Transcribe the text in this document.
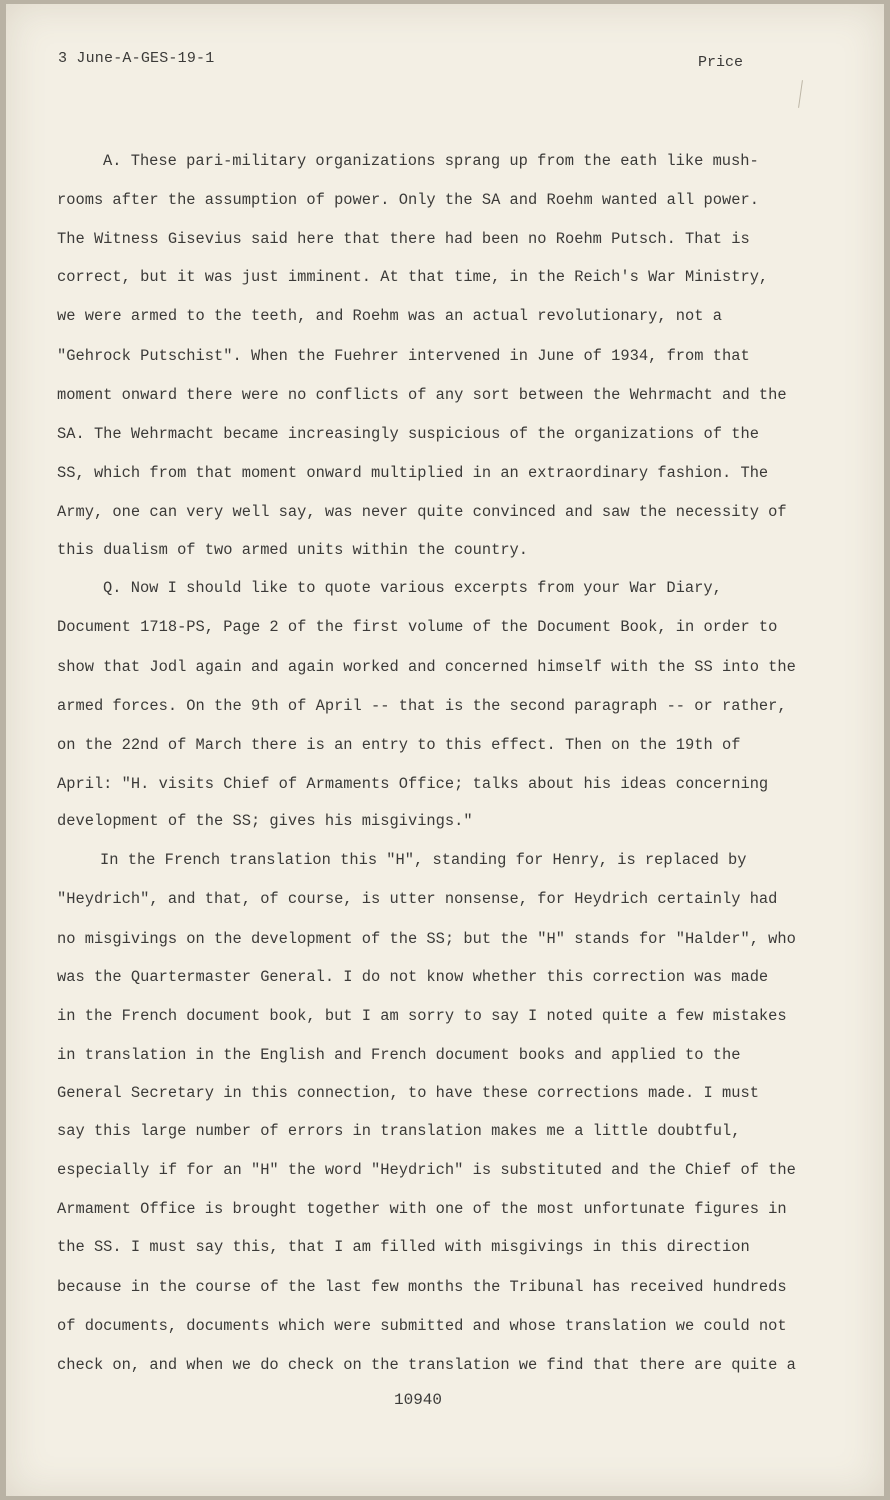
3 June-A-GES-19-1	Price
A. These pari-military organizations sprang up from the eath like mush-
rooms after the assumption of power. Only the SA and Roehm wanted all power.
The Witness Gisevius said here that there had been no Roehm Putsch. That is
correct, but it was just imminent. At that time, in the Reich's War Ministry,
we were armed to the teeth, and Roehm was an actual revolutionary, not a
"Gehrock Putschist". When the Fuehrer intervened in June of 1934, from that
moment onward there were no conflicts of any sort between the Wehrmacht and the
SA. The Wehrmacht became increasingly suspicious of the organizations of the
SS, which from that moment onward multiplied in an extraordinary fashion. The
Army, one can very well say, was never quite convinced and saw the necessity of
this dualism of two armed units within the country.
Q. Now I should like to quote various excerpts from your War Diary,
Document 1718-PS, Page 2 of the first volume of the Document Book, in order to
show that Jodl again and again worked and concerned himself with the SS into the
armed forces. On the 9th of April -- that is the second paragraph -- or rather,
on the 22nd of March there is an entry to this effect. Then on the 19th of
April: "H. visits Chief of Armaments Office; talks about his ideas concerning
development of the SS; gives his misgivings."
In the French translation this "H", standing for Henry, is replaced by
"Heydrich", and that, of course, is utter nonsense, for Heydrich certainly had
no misgivings on the development of the SS; but the "H" stands for "Halder", who
was the Quartermaster General. I do not know whether this correction was made
in the French document book, but I am sorry to say I noted quite a few mistakes
in translation in the English and French document books and applied to the
General Secretary in this connection, to have these corrections made. I must
say this large number of errors in translation makes me a little doubtful,
especially if for an "H" the word "Heydrich" is substituted and the Chief of the
Armament Office is brought together with one of the most unfortunate figures in
the SS. I must say this, that I am filled with misgivings in this direction
because in the course of the last few months the Tribunal has received hundreds
of documents, documents which were submitted and whose translation we could not
check on, and when we do check on the translation we find that there are quite a
10940
